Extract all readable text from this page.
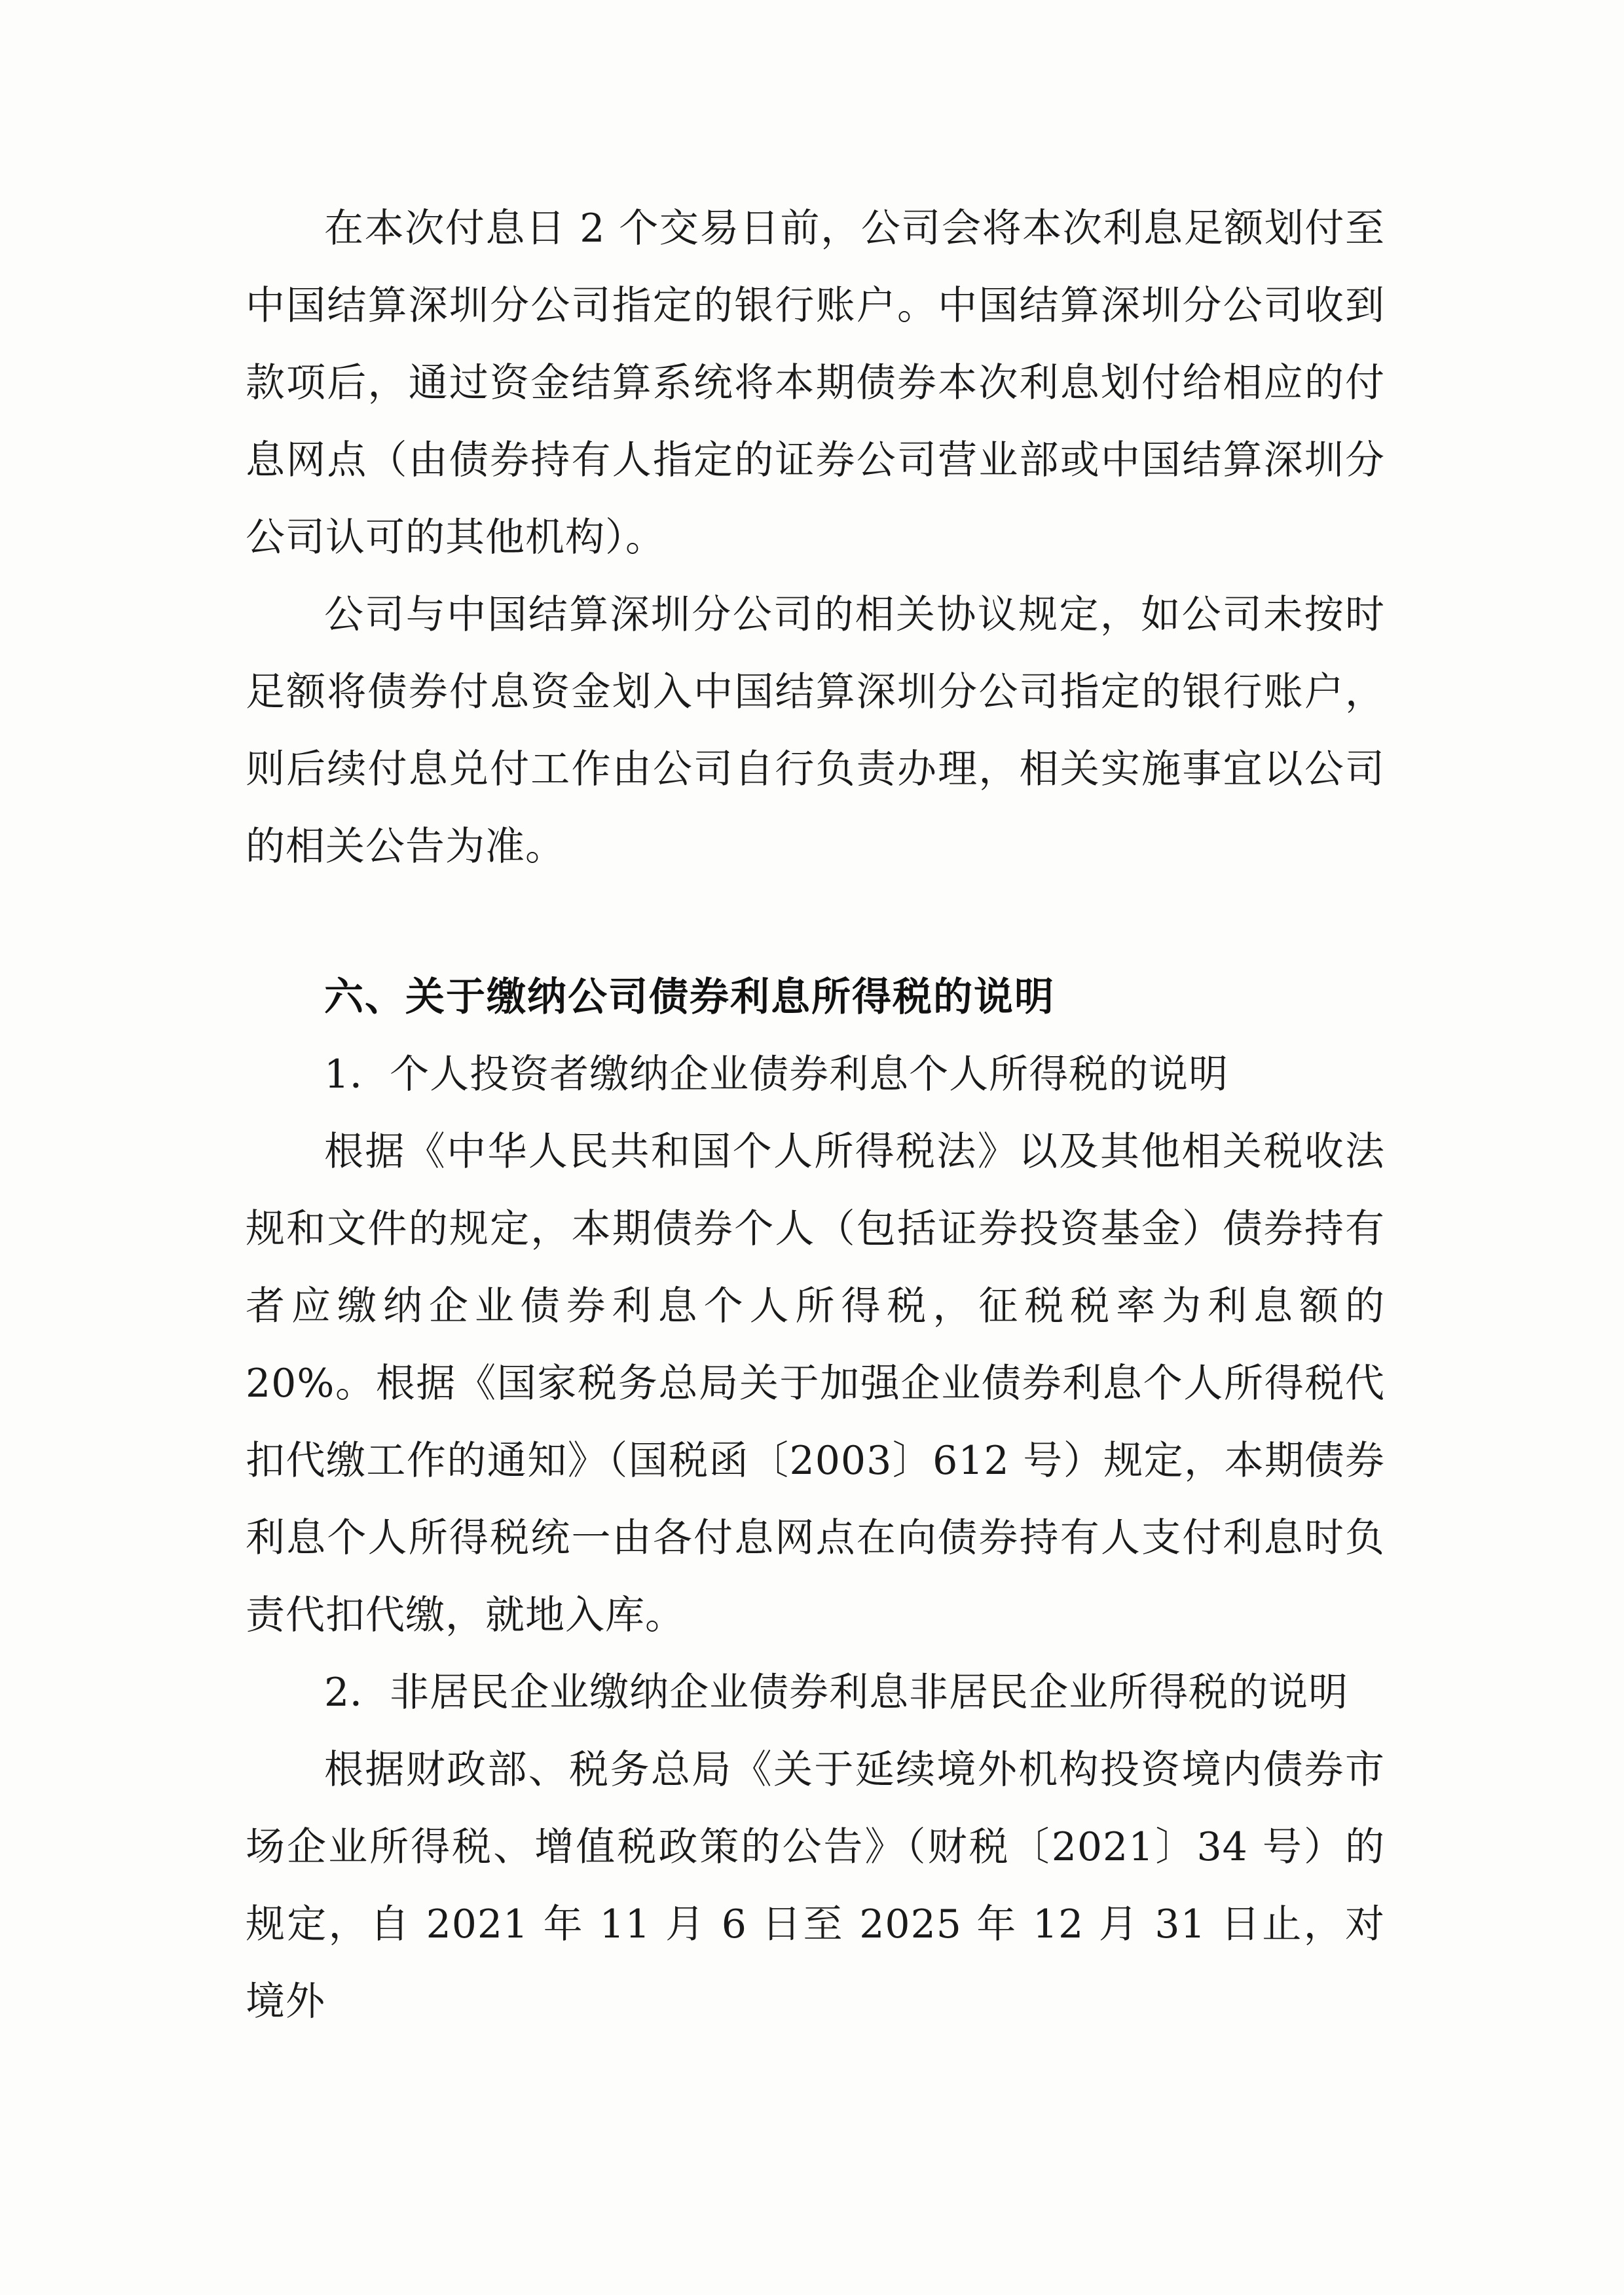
在本次付息日 2 个交易日前，公司会将本次利息足额划付至中国结算深圳分公司指定的银行账户。中国结算深圳分公司收到款项后，通过资金结算系统将本期债券本次利息划付给相应的付息网点（由债券持有人指定的证券公司营业部或中国结算深圳分公司认可的其他机构）。

公司与中国结算深圳分公司的相关协议规定，如公司未按时足额将债券付息资金划入中国结算深圳分公司指定的银行账户，则后续付息兑付工作由公司自行负责办理，相关实施事宜以公司的相关公告为准。

六、关于缴纳公司债券利息所得税的说明

1．个人投资者缴纳企业债券利息个人所得税的说明

根据《中华人民共和国个人所得税法》以及其他相关税收法规和文件的规定，本期债券个人（包括证券投资基金）债券持有者应缴纳企业债券利息个人所得税，征税税率为利息额的 20%。根据《国家税务总局关于加强企业债券利息个人所得税代扣代缴工作的通知》（国税函〔2003〕612 号）规定，本期债券利息个人所得税统一由各付息网点在向债券持有人支付利息时负责代扣代缴，就地入库。

2．非居民企业缴纳企业债券利息非居民企业所得税的说明

根据财政部、税务总局《关于延续境外机构投资境内债券市场企业所得税、增值税政策的公告》（财税〔2021〕34 号）的规定，自 2021 年 11 月 6 日至 2025 年 12 月 31 日止，对境外
